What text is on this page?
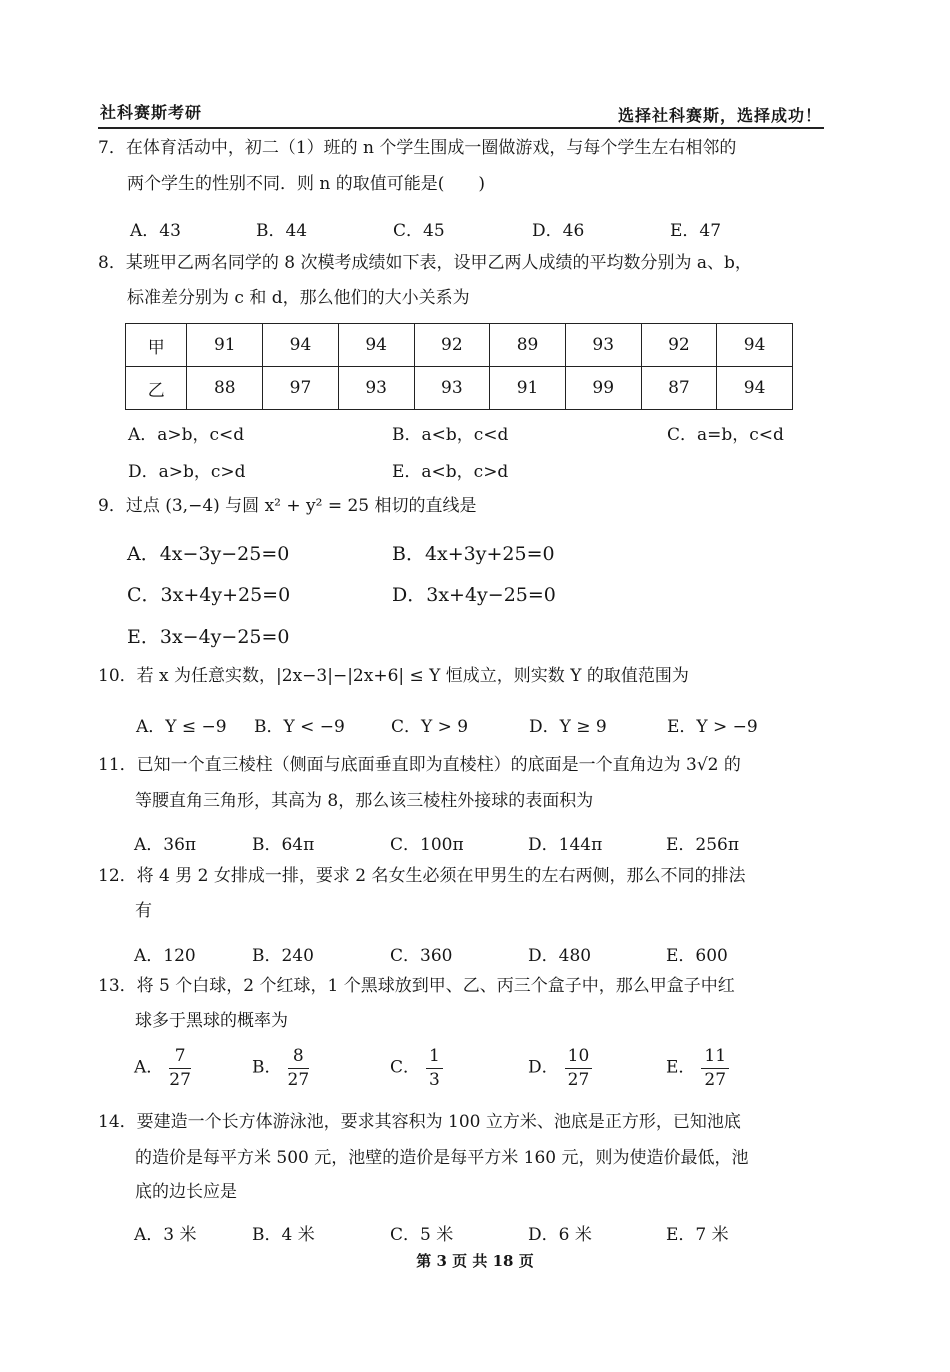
社科赛斯考研	选择社科赛斯，选择成功！
7．在体育活动中，初二（1）班的 n 个学生围成一圈做游戏，与每个学生左右相邻的
两个学生的性别不同．则 n 的取值可能是(　　)
A．43	B．44	C．45	D．46	E．47
8．某班甲乙两名同学的 8 次模考成绩如下表，设甲乙两人成绩的平均数分别为 a、b，
标准差分别为 c 和 d，那么他们的大小关系为
甲	91	94	94	92	89	93	92	94
乙	88	97	93	93	91	99	87	94
A．a>b，c<d	B．a<b，c<d	C．a=b，c<d
D．a>b，c>d	E．a<b，c>d
9．过点 (3,−4) 与圆 x² + y² = 25 相切的直线是
A．4x−3y−25=0	B．4x+3y+25=0
C．3x+4y+25=0	D．3x+4y−25=0
E．3x−4y−25=0
10．若 x 为任意实数，|2x−3|−|2x+6| ≤ Y 恒成立，则实数 Y 的取值范围为
A．Y ≤ −9 B．Y < −9	C．Y > 9	D．Y ≥ 9	E．Y > −9
11．已知一个直三棱柱（侧面与底面垂直即为直棱柱）的底面是一个直角边为 3√2 的
等腰直角三角形，其高为 8，那么该三棱柱外接球的表面积为
A．36π	B．64π	C．100π	D．144π	E．256π
12．将 4 男 2 女排成一排，要求 2 名女生必须在甲男生的左右两侧，那么不同的排法
有
A．120	B．240	C．360	D．480	E．600
13．将 5 个白球，2 个红球，1 个黑球放到甲、乙、丙三个盒子中，那么甲盒子中红
球多于黑球的概率为
A． $\frac{7}{27}$	B． $\frac{8}{27}$	C． $\frac{1}{3}$	D． $\frac{10}{27}$	E． $\frac{11}{27}$
14．要建造一个长方体游泳池，要求其容积为 100 立方米、池底是正方形，已知池底
的造价是每平方米 500 元，池壁的造价是每平方米 160 元，则为使造价最低，池
底的边长应是
A．3 米	B．4 米	C．5 米	D．6 米	E．7 米
第 3 页 共 18 页
